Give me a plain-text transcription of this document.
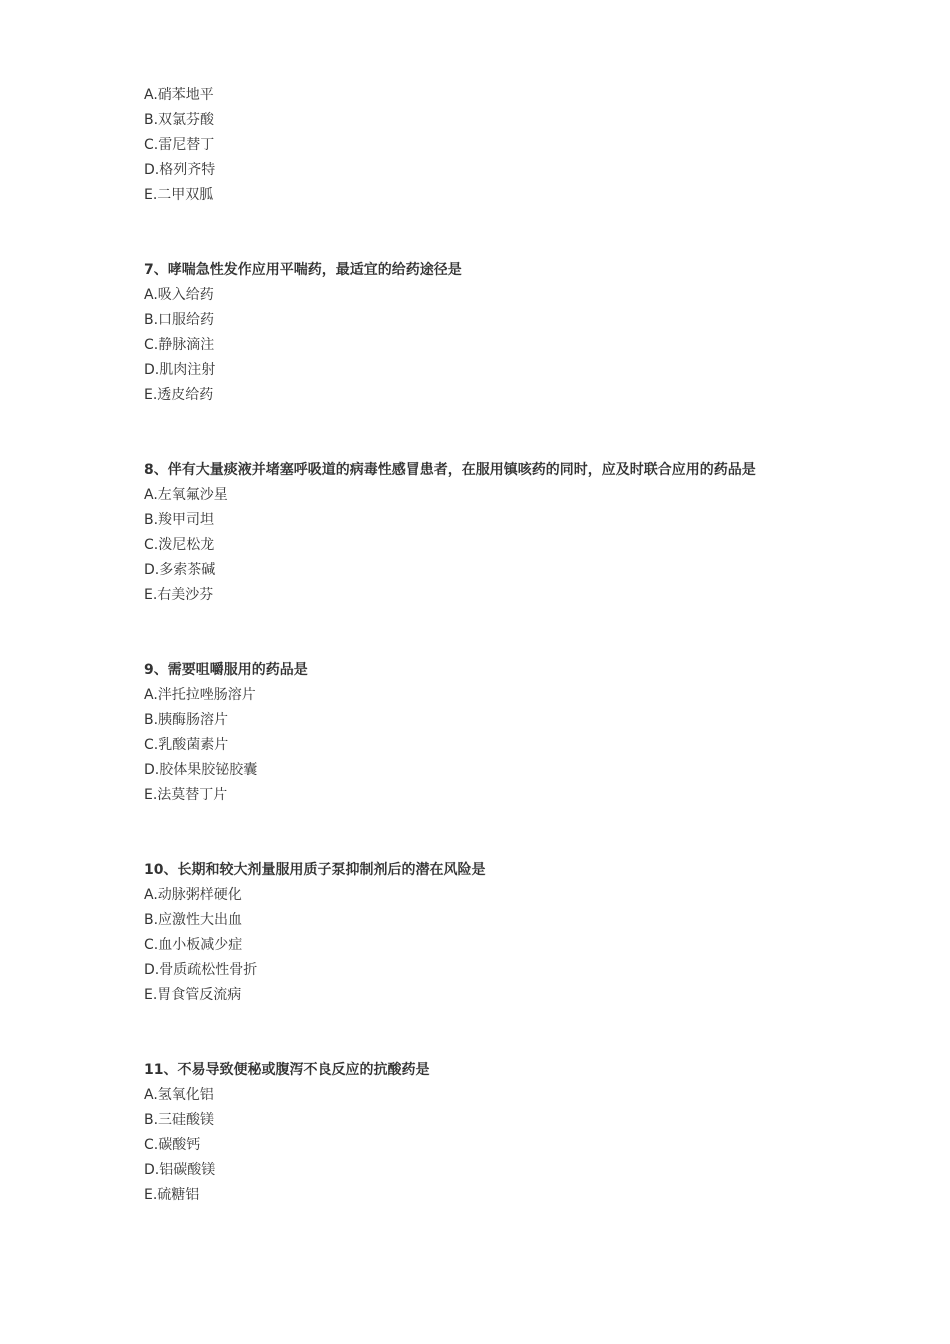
A.硝苯地平
B.双氯芬酸
C.雷尼替丁
D.格列齐特
E.二甲双胍
7、哮喘急性发作应用平喘药，最适宜的给药途径是
A.吸入给药
B.口服给药
C.静脉滴注
D.肌肉注射
E.透皮给药
8、伴有大量痰液并堵塞呼吸道的病毒性感冒患者，在服用镇咳药的同时，应及时联合应用的药品是
A.左氧氟沙星
B.羧甲司坦
C.泼尼松龙
D.多索茶碱
E.右美沙芬
9、需要咀嚼服用的药品是
A.泮托拉唑肠溶片
B.胰酶肠溶片
C.乳酸菌素片
D.胶体果胶铋胶囊
E.法莫替丁片
10、长期和较大剂量服用质子泵抑制剂后的潜在风险是
A.动脉粥样硬化
B.应激性大出血
C.血小板减少症
D.骨质疏松性骨折
E.胃食管反流病
11、不易导致便秘或腹泻不良反应的抗酸药是
A.氢氧化铝
B.三硅酸镁
C.碳酸钙
D.铝碳酸镁
E.硫糖铝
